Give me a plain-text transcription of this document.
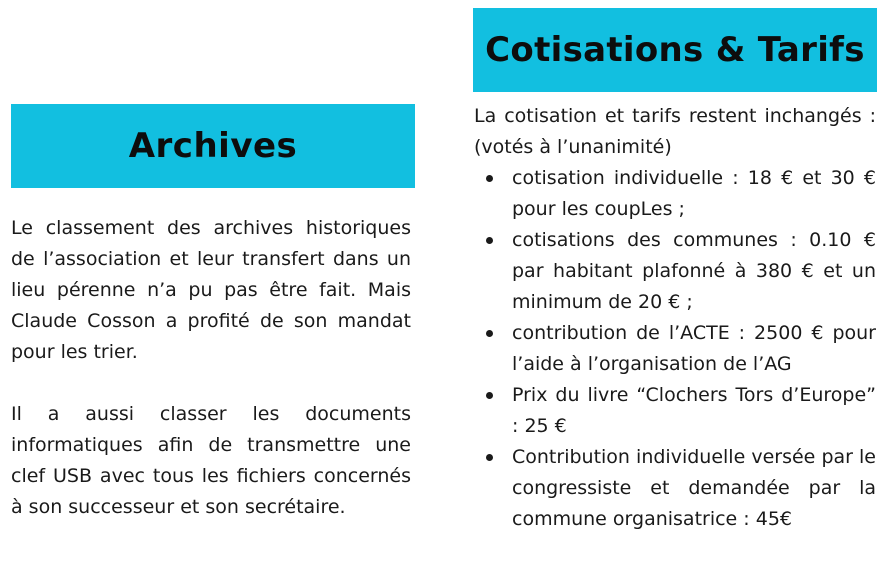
Archives

Le classement des archives historiques de l’association et leur transfert dans un lieu pérenne n’a pu pas être fait. Mais Claude Cosson a profité de son mandat pour les trier.

Il a aussi classer les documents informatiques afin de transmettre une clef USB avec tous les fichiers concernés à son successeur et son secrétaire.

Cotisations & Tarifs

La cotisation et tarifs restent inchangés : (votés à l’unanimité)

cotisation individuelle : 18 € et 30 € pour les coupLes ;
cotisations des communes : 0.10 € par habitant plafonné à 380 € et un minimum de 20 € ;
contribution de l’ACTE : 2500 € pour l’aide à l’organisation de l’AG
Prix du livre “Clochers Tors d’Europe” : 25 €
Contribution individuelle versée par le congressiste et demandée par la commune organisatrice : 45€
